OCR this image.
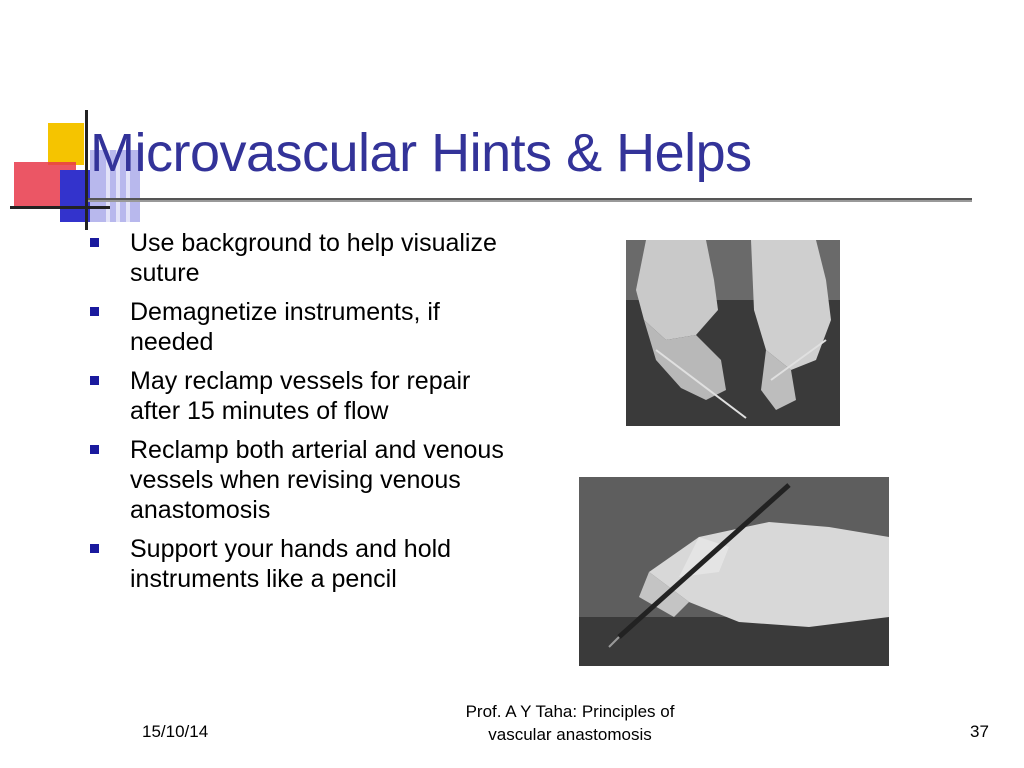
Microvascular Hints & Helps
Use background to help visualize suture
Demagnetize instruments, if needed
May reclamp vessels for repair after 15 minutes of flow
Reclamp both arterial and venous vessels when revising venous anastomosis
Support your hands and hold instruments like a pencil
15/10/14
Prof. A Y Taha: Principles of
vascular anastomosis	37
